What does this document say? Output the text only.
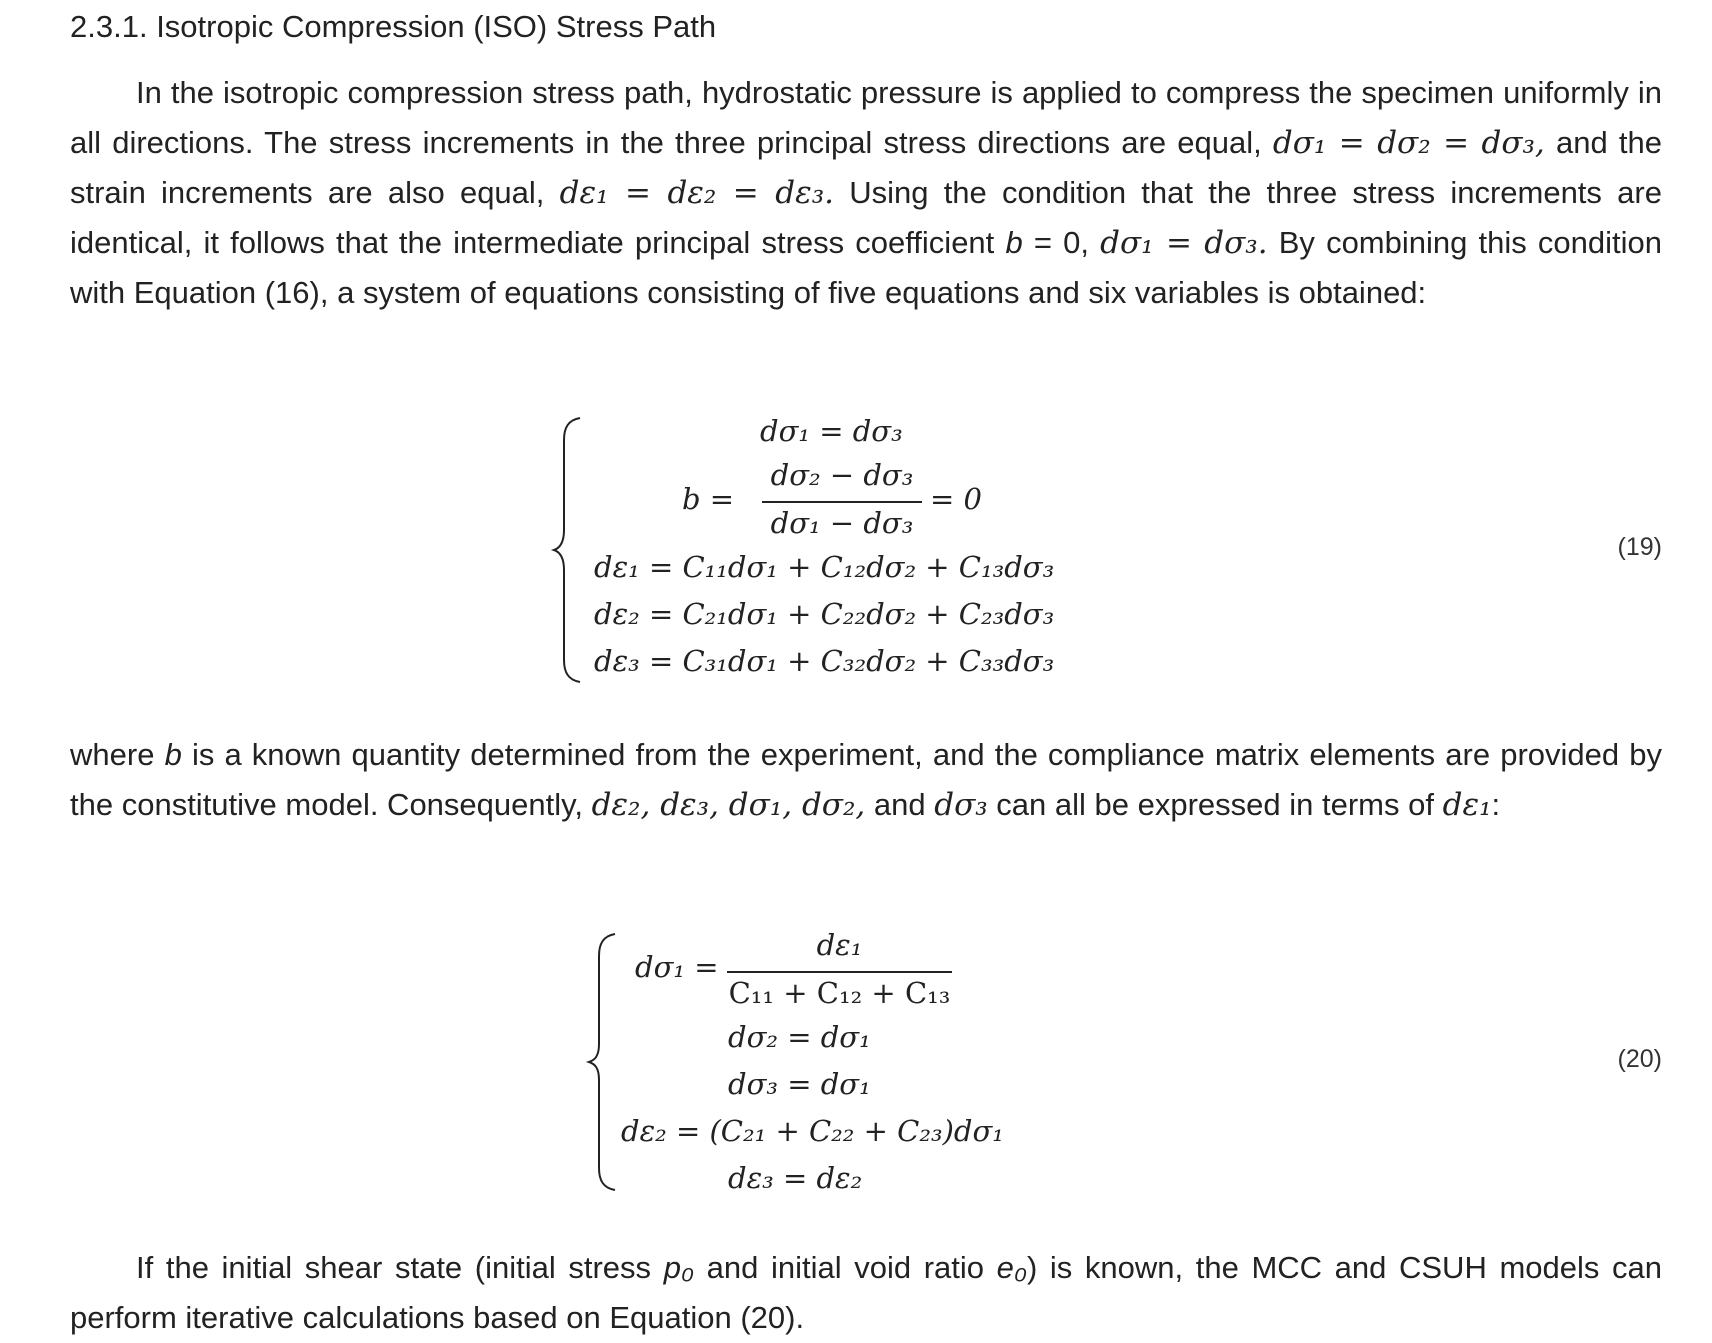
2.3.1. Isotropic Compression (ISO) Stress Path

In the isotropic compression stress path, hydrostatic pressure is applied to compress the specimen uniformly in all directions. The stress increments in the three principal stress directions are equal, dσ₁ = dσ₂ = dσ₃, and the strain increments are also equal, dε₁ = dε₂ = dε₃. Using the condition that the three stress increments are identical, it follows that the intermediate principal stress coefficient b = 0, dσ₁ = dσ₃. By combining this condition with Equation (16), a system of equations consisting of five equations and six variables is obtained:

dσ₁ = dσ₃
b =
dσ₂ − dσ₃
dσ₁ − dσ₃
= 0
dε₁ = C₁₁dσ₁ + C₁₂dσ₂ + C₁₃dσ₃
dε₂ = C₂₁dσ₁ + C₂₂dσ₂ + C₂₃dσ₃
dε₃ = C₃₁dσ₁ + C₃₂dσ₂ + C₃₃dσ₃
(19)

where b is a known quantity determined from the experiment, and the compliance matrix elements are provided by the constitutive model. Consequently, dε₂, dε₃, dσ₁, dσ₂, and dσ₃ can all be expressed in terms of dε₁:

dσ₁ =
dε₁
C₁₁ + C₁₂ + C₁₃
dσ₂ = dσ₁
dσ₃ = dσ₁
dε₂ = (C₂₁ + C₂₂ + C₂₃)dσ₁
dε₃ = dε₂
(20)

If the initial shear state (initial stress p₀ and initial void ratio e₀) is known, the MCC and CSUH models can perform iterative calculations based on Equation (20).
